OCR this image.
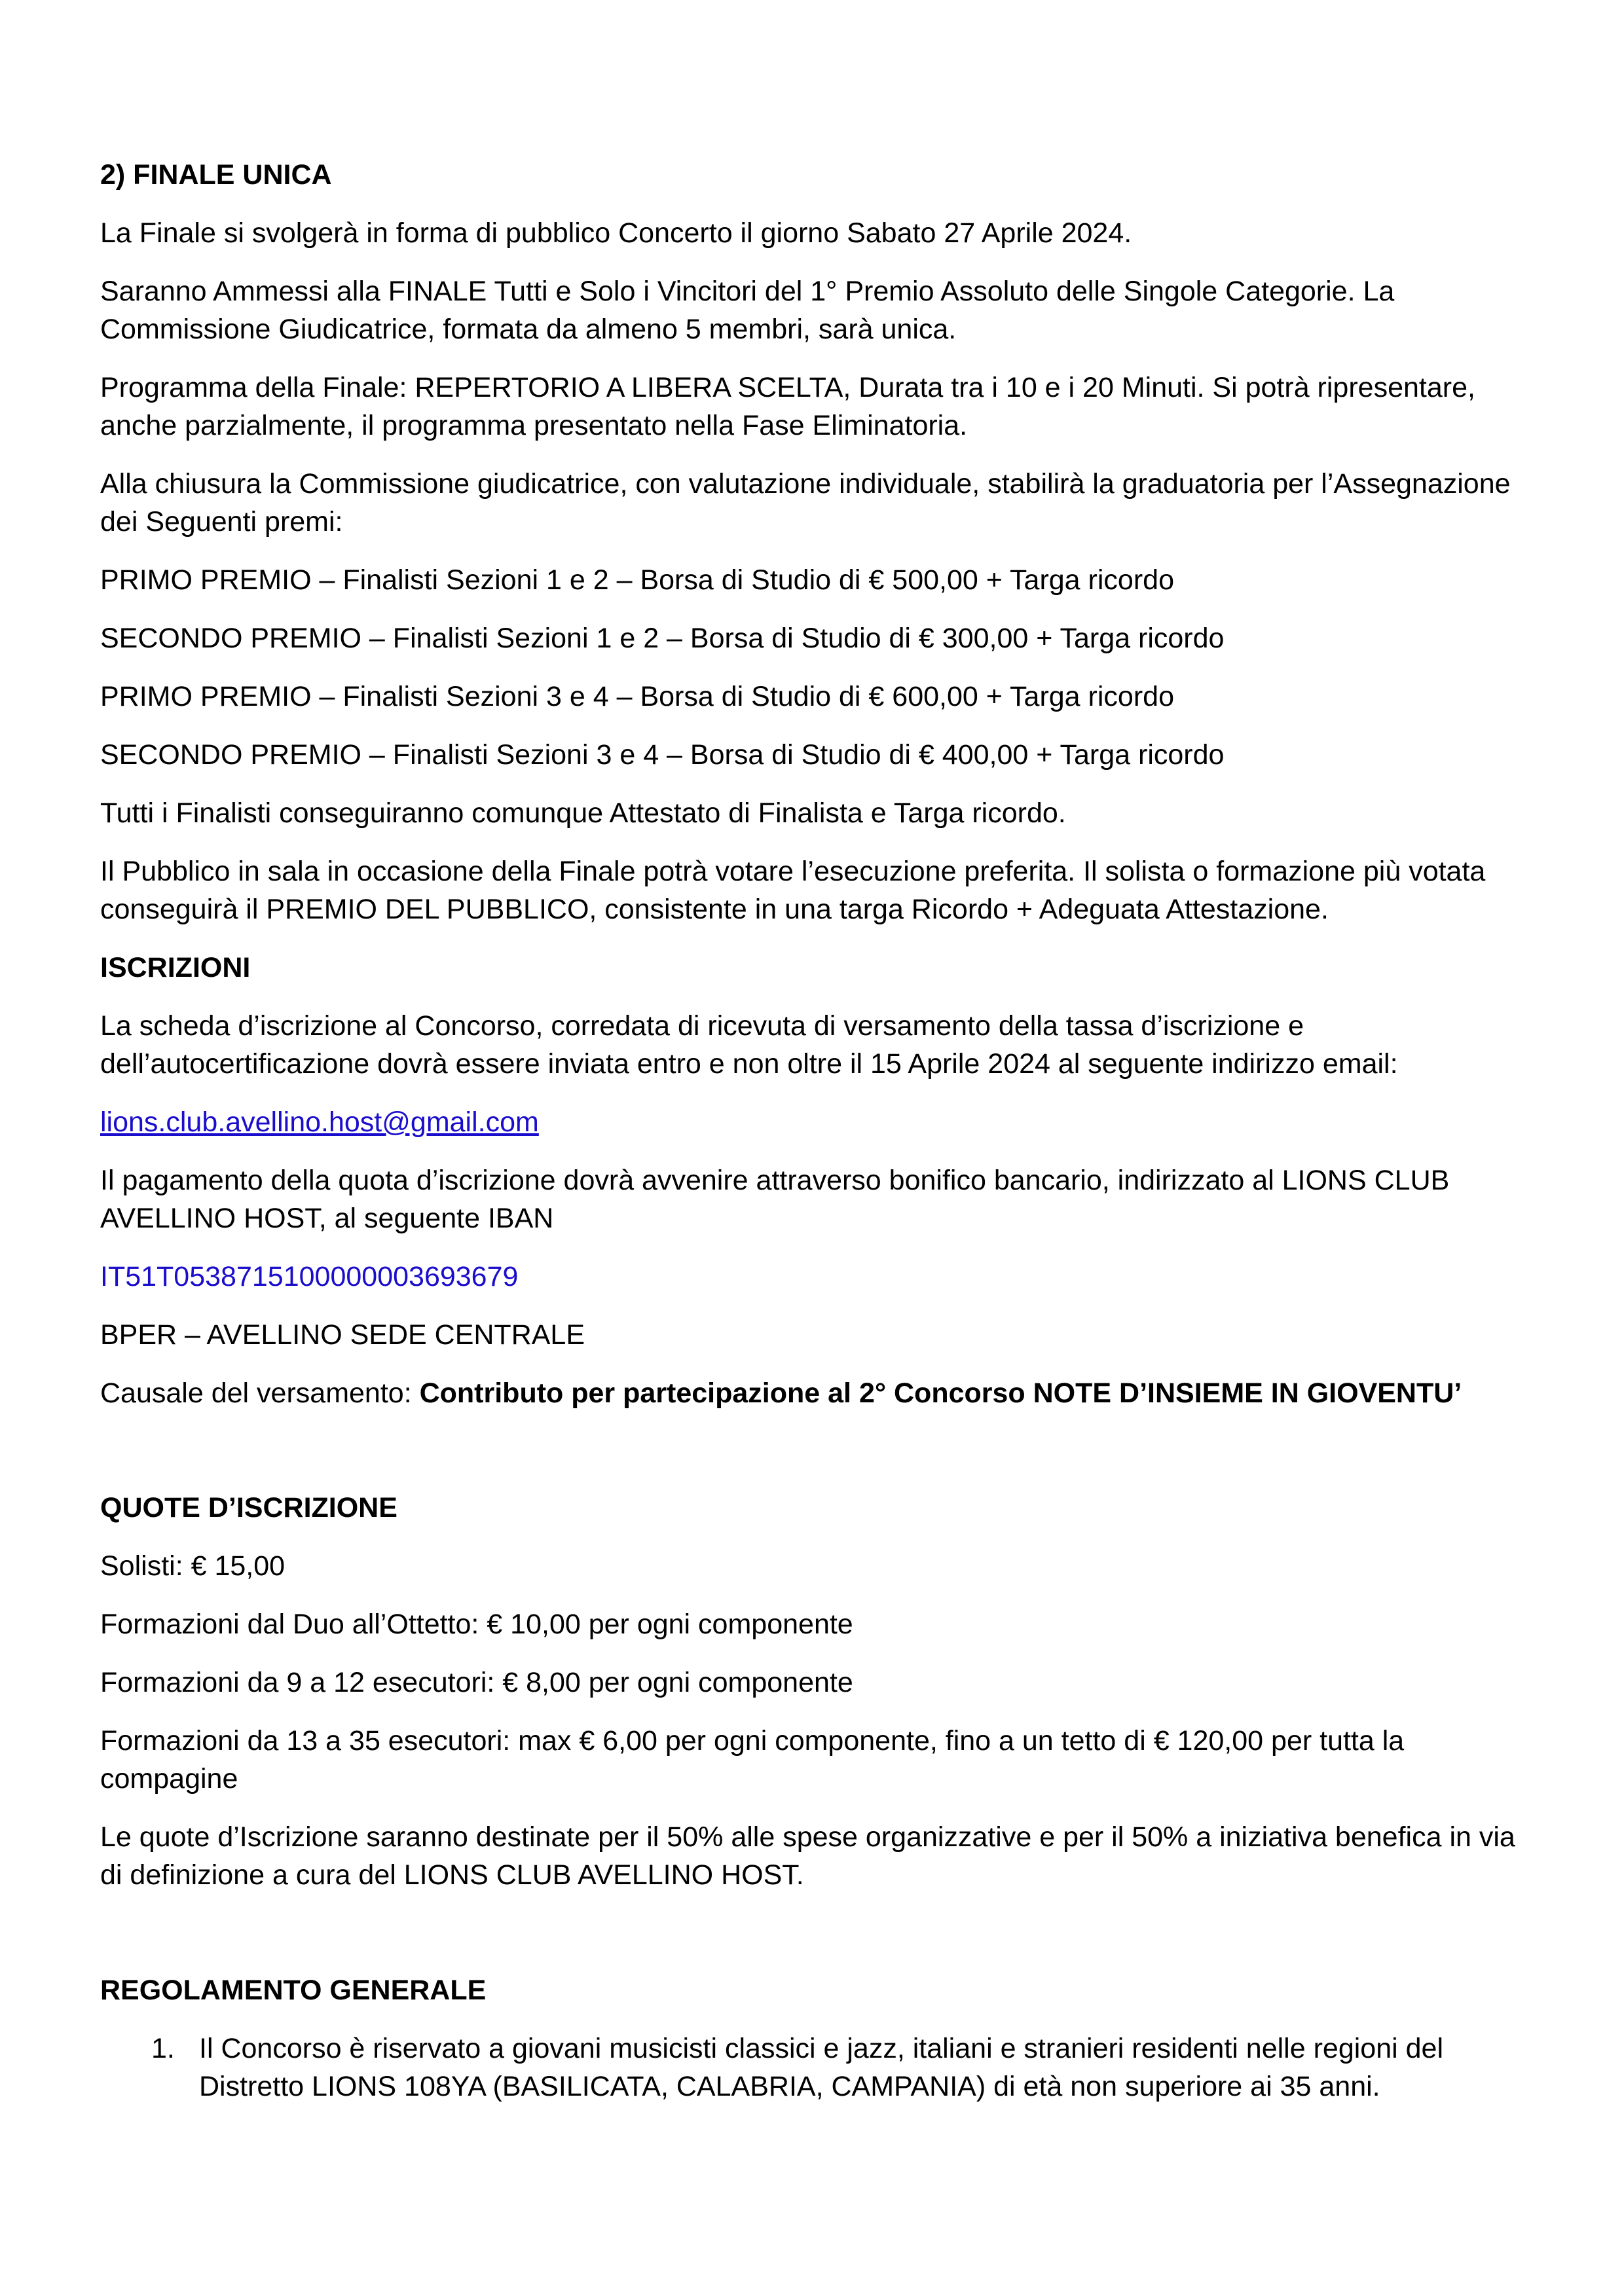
2) FINALE UNICA

La Finale si svolgerà in forma di pubblico Concerto il giorno Sabato 27 Aprile 2024.

Saranno Ammessi alla FINALE Tutti e Solo i Vincitori del 1° Premio Assoluto delle Singole Categorie. La Commissione Giudicatrice, formata da almeno 5 membri, sarà unica.

Programma della Finale: REPERTORIO A LIBERA SCELTA, Durata tra i 10 e i 20 Minuti. Si potrà ripresentare, anche parzialmente, il programma presentato nella Fase Eliminatoria.

Alla chiusura la Commissione giudicatrice, con valutazione individuale, stabilirà la graduatoria per l’Assegnazione dei Seguenti premi:

PRIMO PREMIO – Finalisti Sezioni 1 e 2 – Borsa di Studio di € 500,00 + Targa ricordo

SECONDO PREMIO – Finalisti Sezioni 1 e 2 – Borsa di Studio di € 300,00 + Targa ricordo

PRIMO PREMIO – Finalisti Sezioni 3 e 4 – Borsa di Studio di € 600,00 + Targa ricordo

SECONDO PREMIO – Finalisti Sezioni 3 e 4 – Borsa di Studio di € 400,00 + Targa ricordo

Tutti i Finalisti conseguiranno comunque Attestato di Finalista e Targa ricordo.

Il Pubblico in sala in occasione della Finale potrà votare l’esecuzione preferita. Il solista o formazione più votata conseguirà il PREMIO DEL PUBBLICO, consistente in una targa Ricordo + Adeguata Attestazione.

ISCRIZIONI

La scheda d’iscrizione al Concorso, corredata di ricevuta di versamento della tassa d’iscrizione e dell’autocertificazione dovrà essere inviata entro e non oltre il 15 Aprile 2024 al seguente indirizzo email:

lions.club.avellino.host@gmail.com

Il pagamento della quota d’iscrizione dovrà avvenire attraverso bonifico bancario, indirizzato al LIONS CLUB AVELLINO HOST, al seguente IBAN

IT51T0538715100000003693679

BPER – AVELLINO SEDE CENTRALE

Causale del versamento: Contributo per partecipazione al 2° Concorso NOTE D’INSIEME IN GIOVENTU’

QUOTE D’ISCRIZIONE

Solisti: € 15,00

Formazioni dal Duo all’Ottetto: € 10,00 per ogni componente

Formazioni da 9 a 12 esecutori: € 8,00 per ogni componente

Formazioni da 13 a 35 esecutori: max € 6,00 per ogni componente, fino a un tetto di € 120,00 per tutta la compagine

Le quote d’Iscrizione saranno destinate per il 50% alle spese organizzative e per il 50% a iniziativa benefica in via di definizione a cura del LIONS CLUB AVELLINO HOST.

REGOLAMENTO GENERALE
1. Il Concorso è riservato a giovani musicisti classici e jazz, italiani e stranieri residenti nelle regioni del Distretto LIONS 108YA (BASILICATA, CALABRIA, CAMPANIA) di età non superiore ai 35 anni.
